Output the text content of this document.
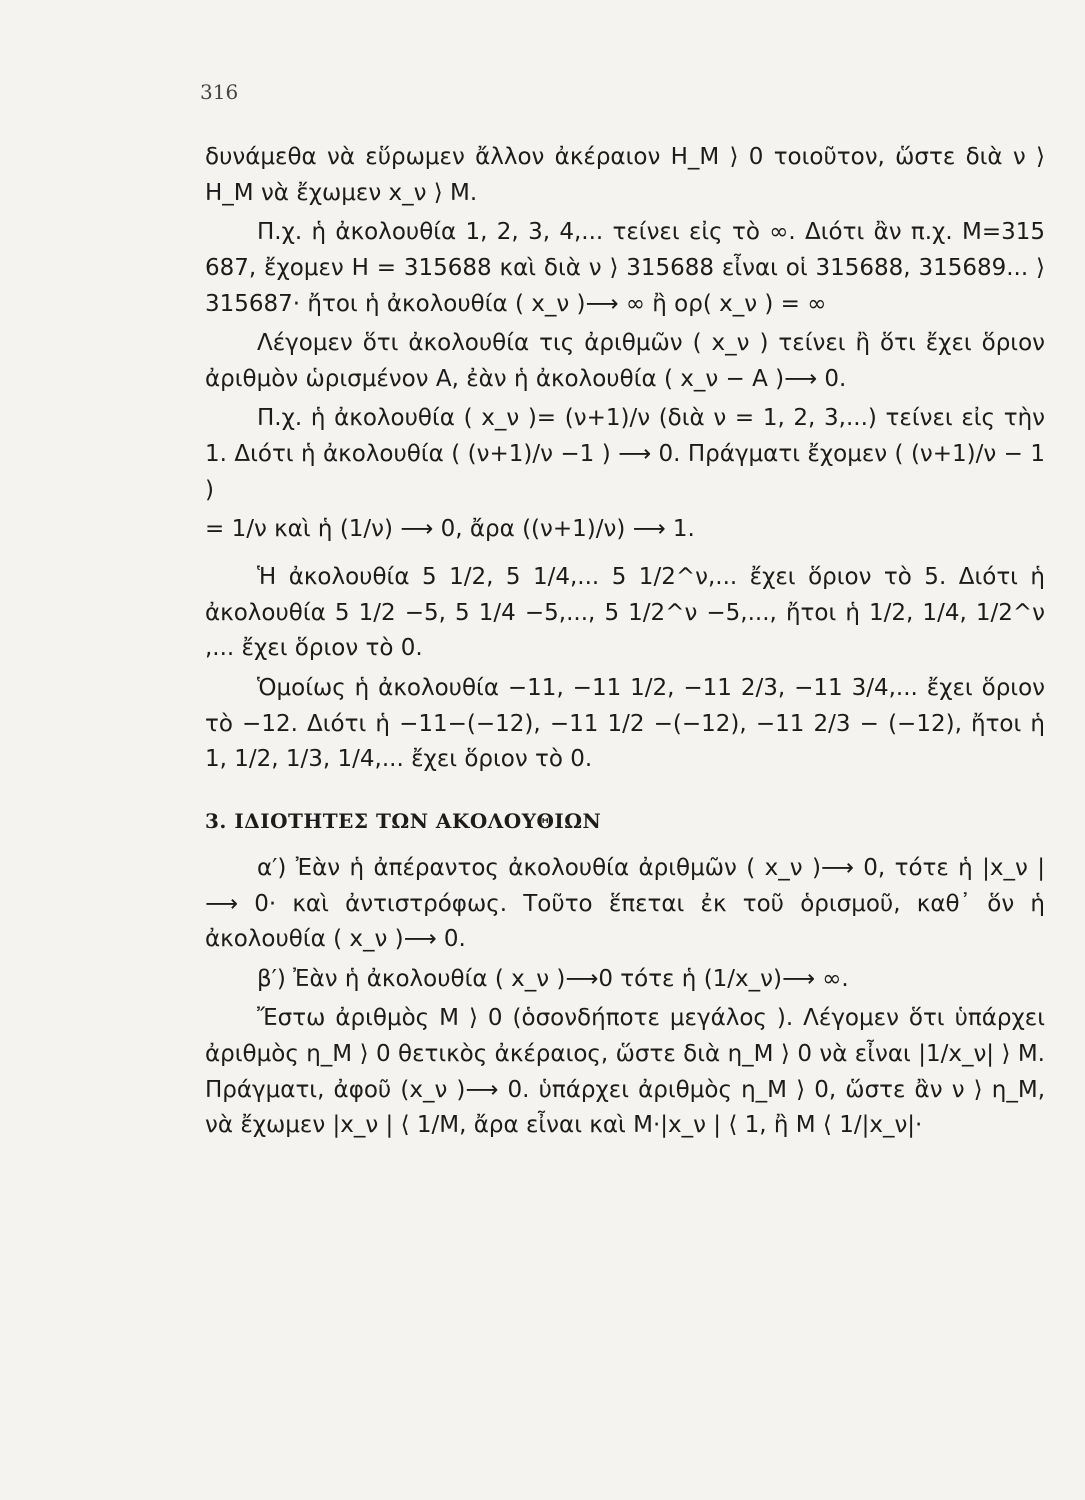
316

δυνάμεθα νὰ εὕρωμεν ἄλλον ἀκέραιον Η_M ⟩ 0 τοιοῦτον, ὥστε διὰ ν ⟩ Η_M νὰ ἔχωμεν x_ν ⟩ Μ.

Π.χ. ἡ ἀκολουθία 1, 2, 3, 4,... τείνει εἰς τὸ ∞. Διότι ἂν π.χ. Μ=315 687, ἔχομεν Η = 315688 καὶ διὰ ν ⟩ 315688 εἶναι οἱ 315688, 315689... ⟩ 315687· ἤτοι ἡ ἀκολουθία ( x_ν )⟶ ∞ ἢ ορ( x_ν ) = ∞

Λέγομεν ὅτι ἀκολουθία τις ἀριθμῶν ( x_ν ) τείνει ἢ ὅτι ἔχει ὅριον ἀριθμὸν ὡρισμένον Α, ἐὰν ἡ ἀκολουθία ( x_ν − Α )⟶ 0.

Π.χ. ἡ ἀκολουθία ( x_ν )= (ν+1)/ν (διὰ ν = 1, 2, 3,...) τείνει εἰς τὴν 1. Διότι ἡ ἀκολουθία ( (ν+1)/ν −1 ) ⟶ 0. Πράγματι ἔχομεν ( (ν+1)/ν − 1 )

= 1/ν καὶ ἡ (1/ν) ⟶ 0, ἄρα ((ν+1)/ν) ⟶ 1.

Ἡ ἀκολουθία 5 1/2, 5 1/4,... 5 1/2^ν,... ἔχει ὅριον τὸ 5. Διότι ἡ ἀκολουθία 5 1/2 −5, 5 1/4 −5,..., 5 1/2^ν −5,..., ἤτοι ἡ 1/2, 1/4, 1/2^ν ,... ἔχει ὅριον τὸ 0.

Ὁμοίως ἡ ἀκολουθία −11, −11 1/2, −11 2/3, −11 3/4,... ἔχει ὅριον τὸ −12. Διότι ἡ −11−(−12), −11 1/2 −(−12), −11 2/3 − (−12), ἤτοι ἡ 1, 1/2, 1/3, 1/4,... ἔχει ὅριον τὸ 0.

3. ΙΔΙΟΤΗΤΕΣ ΤΩΝ ΑΚΟΛΟΥΘΙΩΝ

α′) Ἐὰν ἡ ἀπέραντος ἀκολουθία ἀριθμῶν ( x_ν )⟶ 0, τότε ἡ |x_ν |⟶ 0· καὶ ἀντιστρόφως. Τοῦτο ἕπεται ἐκ τοῦ ὁρισμοῦ, καθ᾽ ὅν ἡ ἀκολουθία ( x_ν )⟶ 0.

β′) Ἐὰν ἡ ἀκολουθία ( x_ν )⟶0 τότε ἡ (1/x_ν)⟶ ∞.

Ἔστω ἀριθμὸς Μ ⟩ 0 (ὁσονδήποτε μεγάλος ). Λέγομεν ὅτι ὑπάρχει ἀριθμὸς η_M ⟩ 0 θετικὸς ἀκέραιος, ὥστε διὰ η_M ⟩ 0 νὰ εἶναι |1/x_ν| ⟩ Μ. Πράγματι, ἀφοῦ (x_ν )⟶ 0. ὑπάρχει ἀριθμὸς η_M ⟩ 0, ὥστε ἂν ν ⟩ η_M, νὰ ἔχωμεν |x_ν | ⟨ 1/Μ, ἄρα εἶναι καὶ Μ·|x_ν | ⟨ 1, ἢ Μ ⟨ 1/|x_ν|·
